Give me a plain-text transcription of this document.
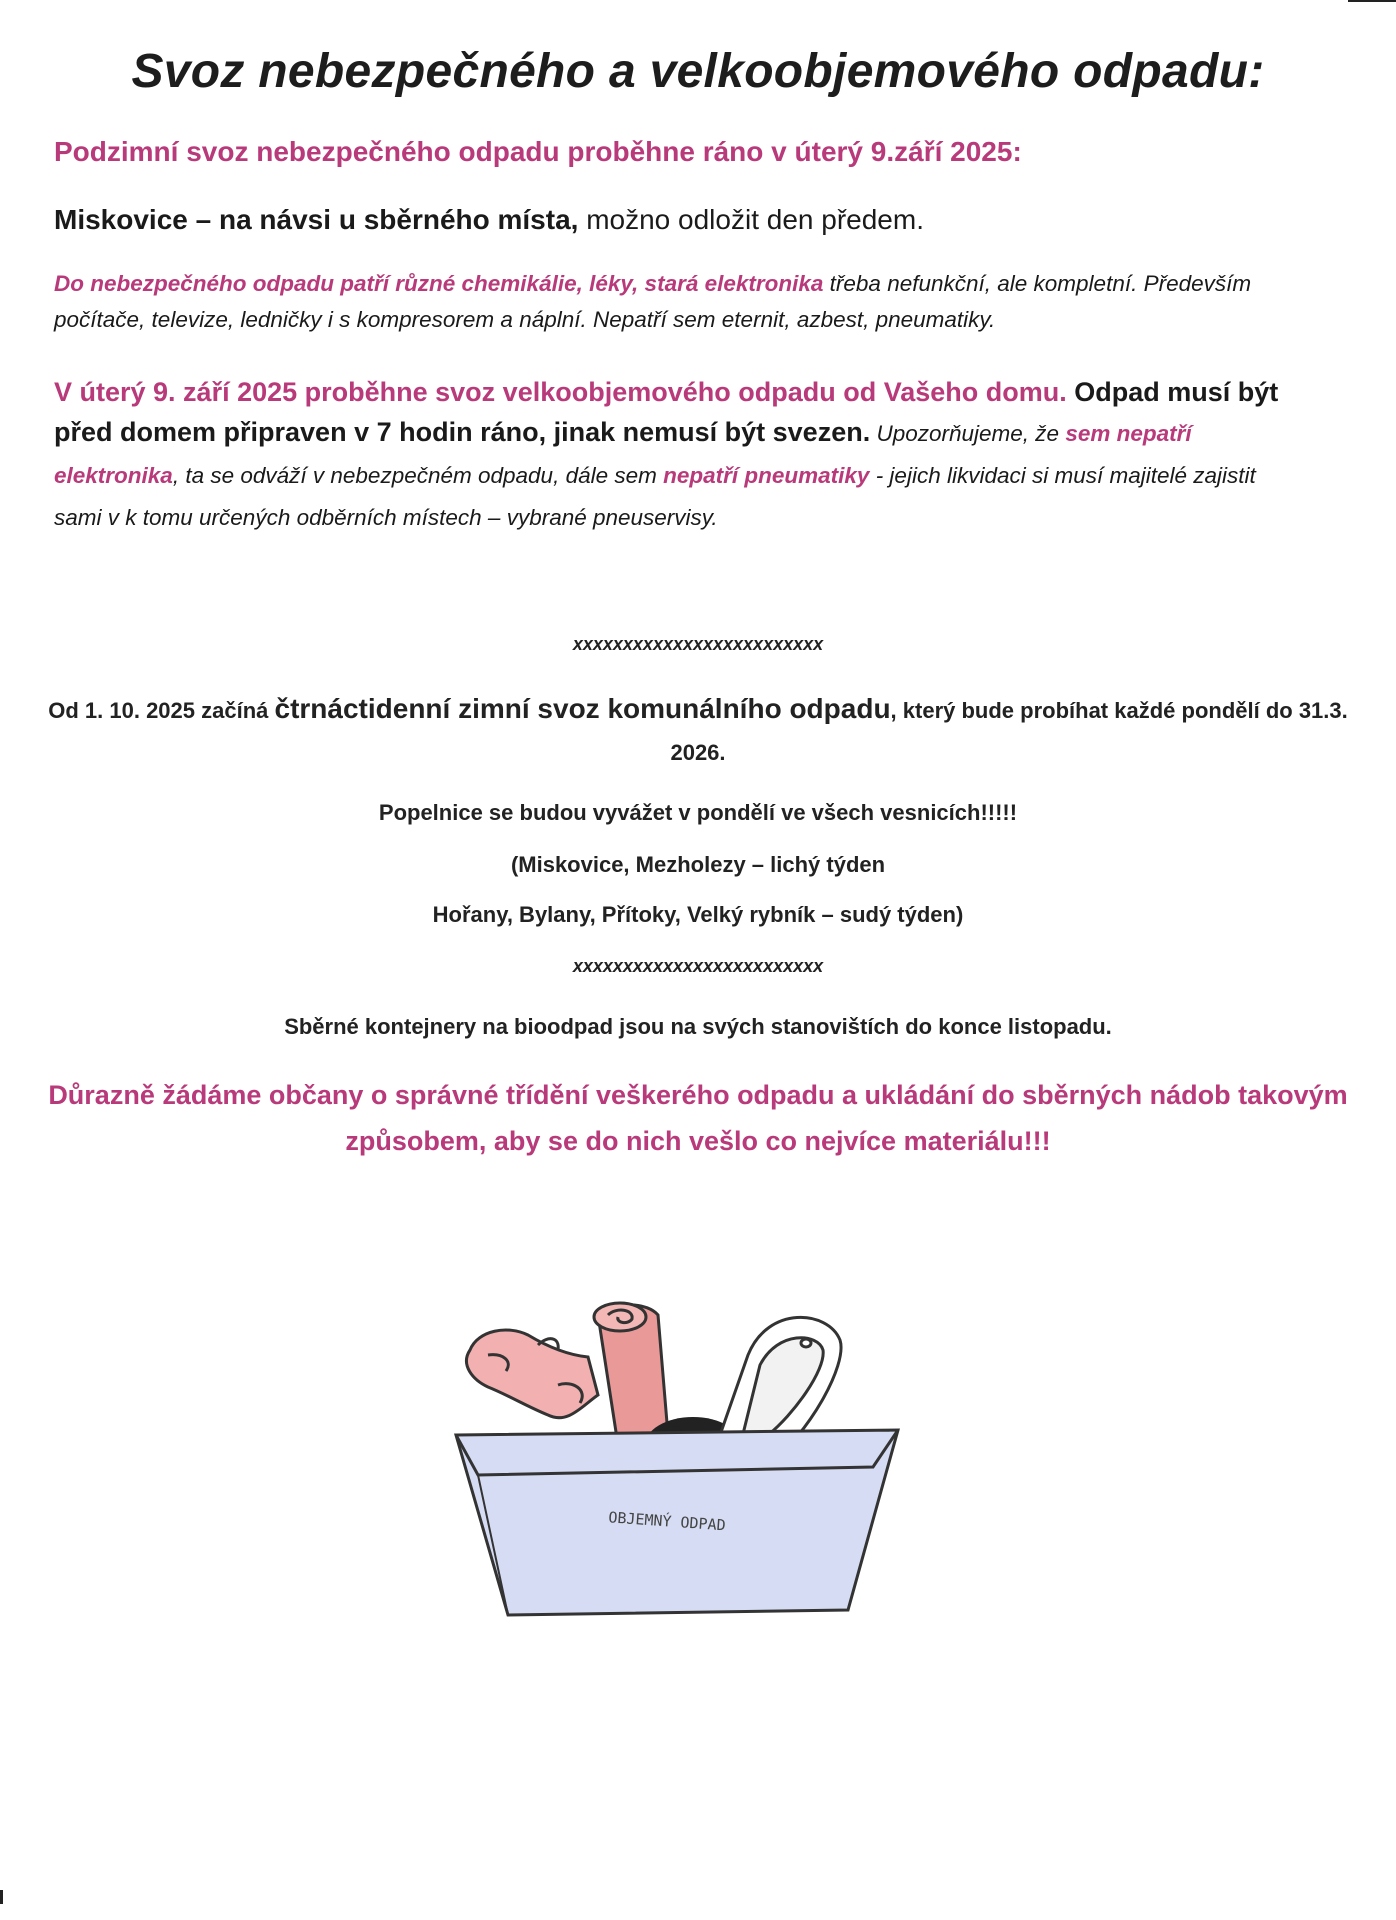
Svoz nebezpečného a velkoobjemového odpadu:
Podzimní svoz nebezpečného odpadu proběhne ráno v úterý 9.září 2025:
Miskovice – na návsi u sběrného místa, možno odložit den předem.
Do nebezpečného odpadu patří různé chemikálie, léky, stará elektronika třeba nefunkční, ale kompletní. Především počítače, televize, ledničky i s kompresorem a náplní. Nepatří sem eternit, azbest, pneumatiky.
V úterý 9. září 2025 proběhne svoz velkoobjemového odpadu od Vašeho domu. Odpad musí být před domem připraven v 7 hodin ráno, jinak nemusí být svezen. Upozorňujeme, že sem nepatří elektronika, ta se odváží v nebezpečném odpadu, dále sem nepatří pneumatiky - jejich likvidaci si musí majitelé zajistit sami v k tomu určených odběrních místech – vybrané pneuservisy.
xxxxxxxxxxxxxxxxxxxxxxxxx
Od 1. 10. 2025 začíná čtrnáctidenní zimní svoz komunálního odpadu, který bude probíhat každé pondělí do 31.3. 2026.
Popelnice se budou vyvážet v pondělí ve všech vesnicích!!!!!
(Miskovice, Mezholezy – lichý týden
Hořany, Bylany, Přítoky, Velký rybník – sudý týden)
xxxxxxxxxxxxxxxxxxxxxxxxx
Sběrné kontejnery na bioodpad jsou na svých stanovištích do konce listopadu.
Důrazně žádáme občany o správné třídění veškerého odpadu a ukládání do sběrných nádob takovým způsobem, aby se do nich vešlo co nejvíce materiálu!!!
OBJEMNÝ ODPAD
